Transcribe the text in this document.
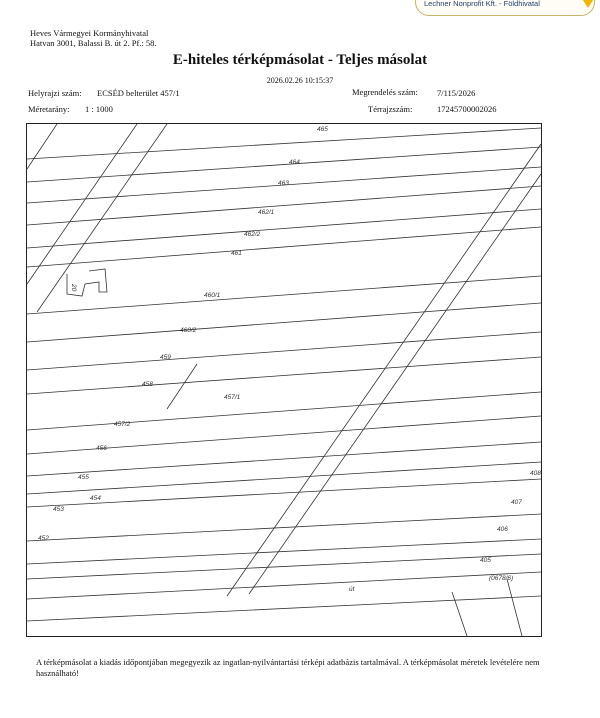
Lechner Nonprofit Kft. - Földhivatal
Heves Vármegyei Kormányhivatal
Hatvan 3001, Balassi B. út 2. Pf.: 58.
E-hiteles térképmásolat - Teljes másolat
2026.02.26 10:15:37
Helyrajzi szám: ECSÉD belterület 457/1
Méretarány: 1 : 1000
Megrendelés szám: 7/115/2026
Térrajzszám:	17245700002026
465
464
463
462/1
462/2
461
460/1
460/2
459
458
457/1
457/2
456
455
454
453
452
408
407
406
405
(0678/6)
út
20
A térképmásolat a kiadás időpontjában megegyezik az ingatlan-nyilvántartási térképi adatbázis tartalmával. A térképmásolat méretek levételére nem használható!
